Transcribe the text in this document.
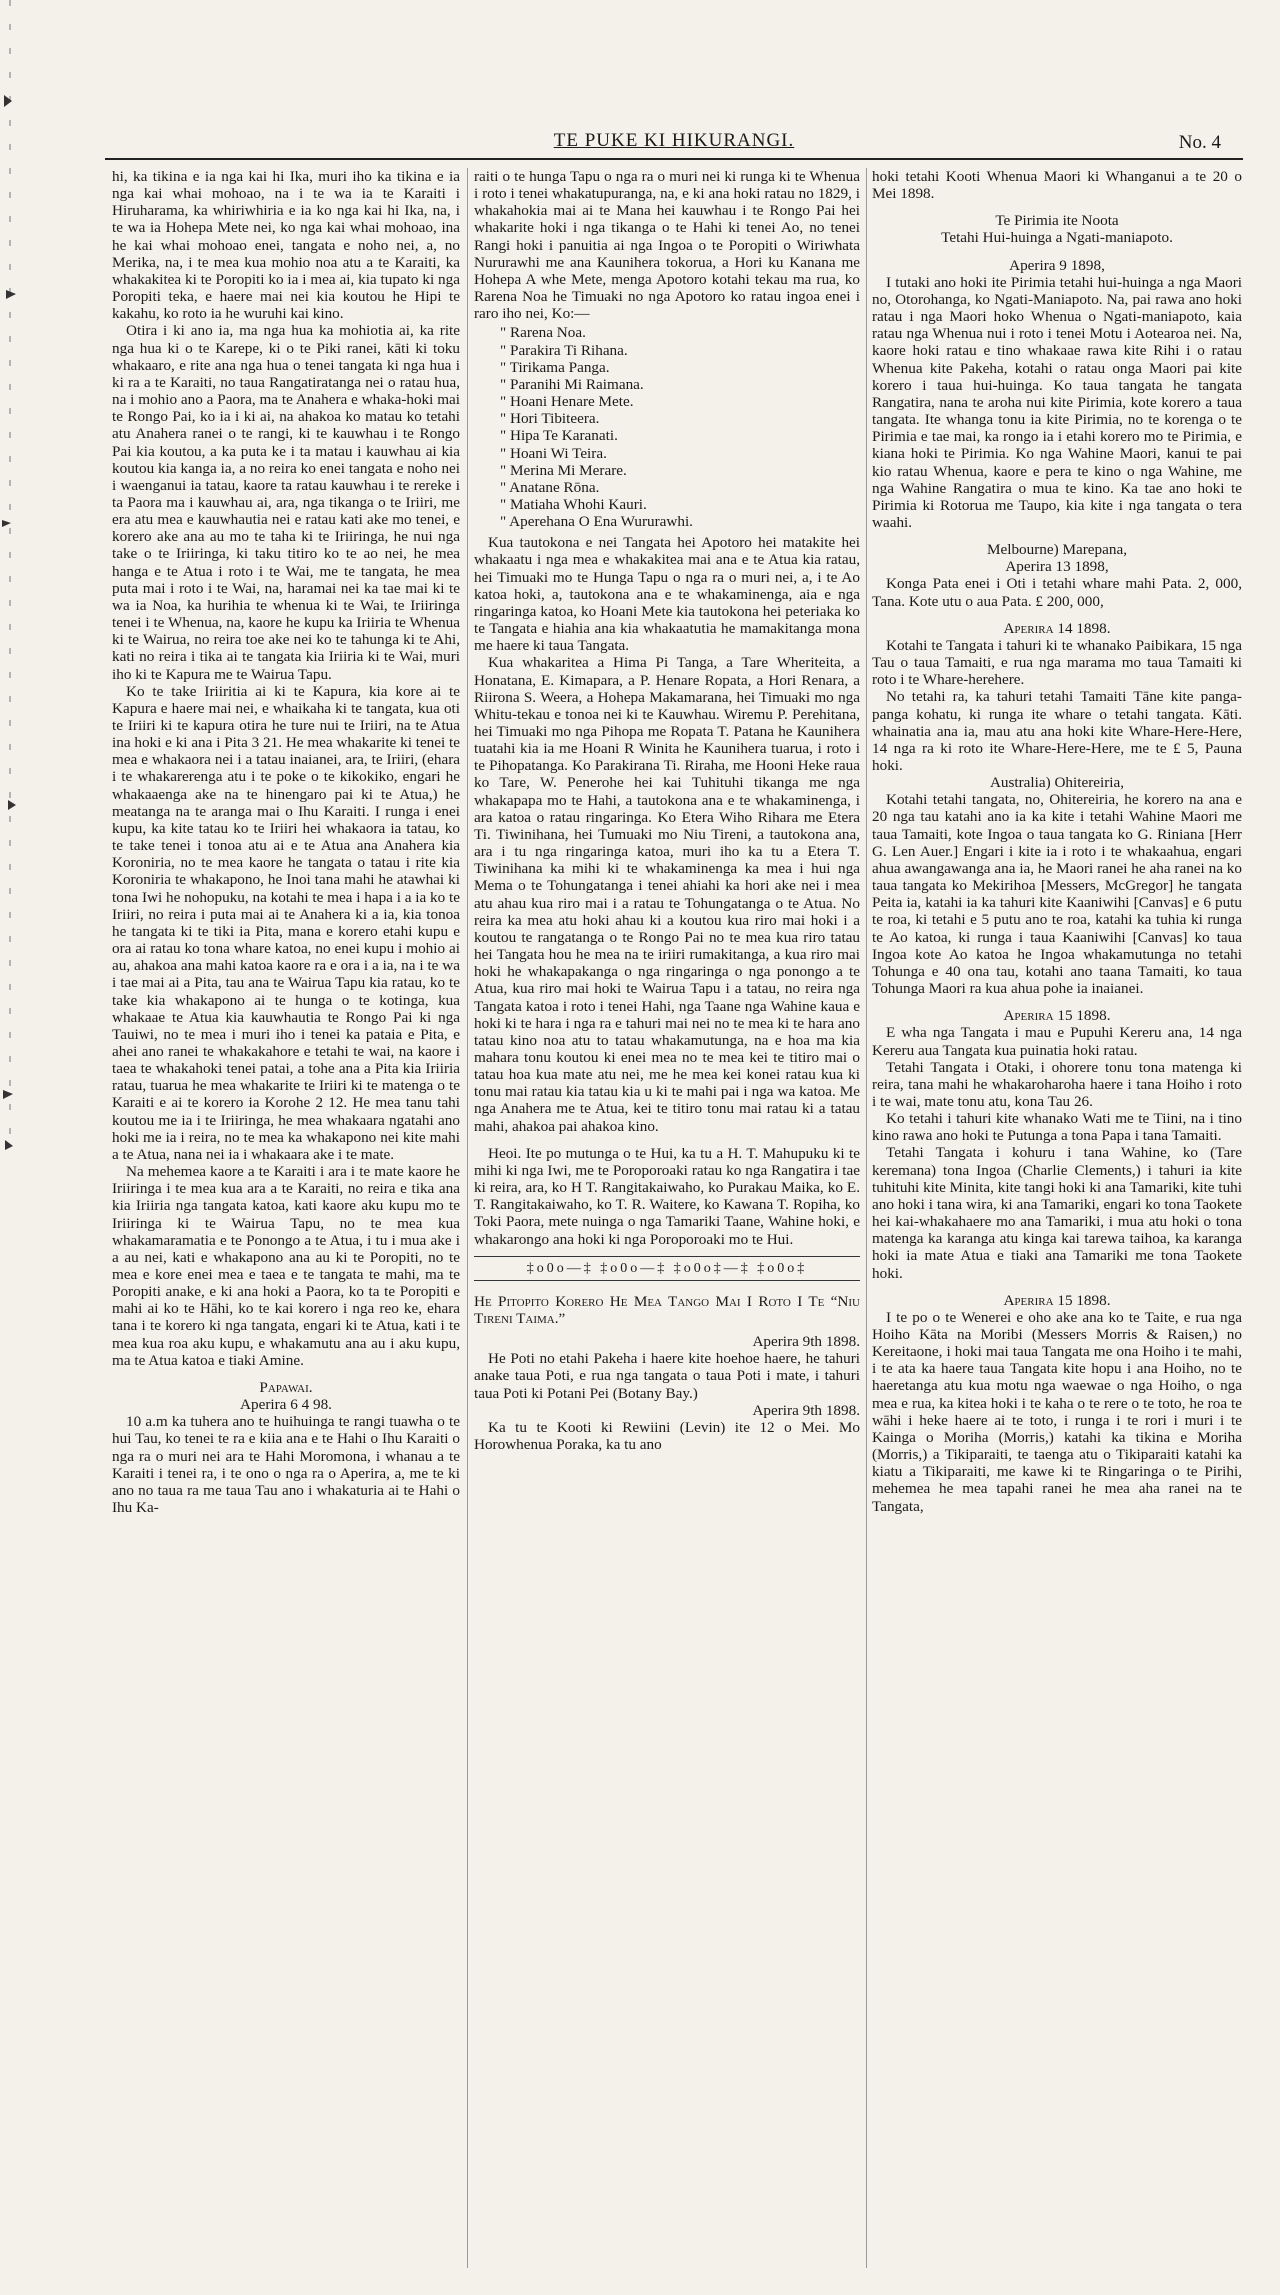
TE PUKE KI HIKURANGI.	No. 4

hi, ka tikina e ia nga kai hi Ika, muri iho ka tikina e ia nga kai whai mohoao, na i te wa ia te Karaiti i Hiruharama, ka whiriwhiria e ia ko nga kai hi Ika, na, i te wa ia Hohepa Mete nei, ko nga kai whai mohoao, ina he kai whai mohoao enei, tangata e noho nei, a, no Merika, na, i te mea kua mohio noa atu a te Karaiti, ka whakakitea ki te Poropiti ko ia i mea ai, kia tupato ki nga Poropiti teka, e haere mai nei kia koutou he Hipi te kakahu, ko roto ia he wuruhi kai kino.

Otira i ki ano ia, ma nga hua ka mohiotia ai, ka rite nga hua ki o te Karepe, ki o te Piki ranei, kāti ki toku whakaaro, e rite ana nga hua o tenei tangata ki nga hua i ki ra a te Karaiti, no taua Rangatiratanga nei o ratau hua, na i mohio ano a Paora, ma te Anahera e whaka-hoki mai te Rongo Pai, ko ia i ki ai, na ahakoa ko matau ko tetahi atu Anahera ranei o te rangi, ki te kauwhau i te Rongo Pai kia koutou, a ka puta ke i ta matau i kauwhau ai kia koutou kia kanga ia, a no reira ko enei tangata e noho nei i waenganui ia tatau, kaore ta ratau kauwhau i te rereke i ta Paora ma i kauwhau ai, ara, nga tikanga o te Iriiri, me era atu mea e kauwhautia nei e ratau kati ake mo tenei, e korero ake ana au mo te taha ki te Iriiringa, he nui nga take o te Iriiringa, ki taku titiro ko te ao nei, he mea hanga e te Atua i roto i te Wai, me te tangata, he mea puta mai i roto i te Wai, na, haramai nei ka tae mai ki te wa ia Noa, ka hurihia te whenua ki te Wai, te Iriiringa tenei i te Whenua, na, kaore he kupu ka Iriiria te Whenua ki te Wairua, no reira toe ake nei ko te tahunga ki te Ahi, kati no reira i tika ai te tangata kia Iriiria ki te Wai, muri iho ki te Kapura me te Wairua Tapu.

Ko te take Iriiritia ai ki te Kapura, kia kore ai te Kapura e haere mai nei, e whaikaha ki te tangata, kua oti te Iriiri ki te kapura otira he ture nui te Iriiri, na te Atua ina hoki e ki ana i Pita 3 21. He mea whakarite ki tenei te mea e whakaora nei i a tatau inaianei, ara, te Iriiri, (ehara i te whakarerenga atu i te poke o te kikokiko, engari he whakaaenga ake na te hinengaro pai ki te Atua,) he meatanga na te aranga mai o Ihu Karaiti. I runga i enei kupu, ka kite tatau ko te Iriiri hei whakaora ia tatau, ko te take tenei i tonoa atu ai e te Atua ana Anahera kia Koroniria, no te mea kaore he tangata o tatau i rite kia Koroniria te whakapono, he Inoi tana mahi he atawhai ki tona Iwi he nohopuku, na kotahi te mea i hapa i a ia ko te Iriiri, no reira i puta mai ai te Anahera ki a ia, kia tonoa he tangata ki te tiki ia Pita, mana e korero etahi kupu e ora ai ratau ko tona whare katoa, no enei kupu i mohio ai au, ahakoa ana mahi katoa kaore ra e ora i a ia, na i te wa i tae mai ai a Pita, tau ana te Wairua Tapu kia ratau, ko te take kia whakapono ai te hunga o te kotinga, kua whakaae te Atua kia kauwhautia te Rongo Pai ki nga Tauiwi, no te mea i muri iho i tenei ka pataia e Pita, e ahei ano ranei te whakakahore e tetahi te wai, na kaore i taea te whakahoki tenei patai, a tohe ana a Pita kia Iriiria ratau, tuarua he mea whakarite te Iriiri ki te matenga o te Karaiti e ai te korero ia Korohe 2 12. He mea tanu tahi koutou me ia i te Iriiringa, he mea whakaara ngatahi ano hoki me ia i reira, no te mea ka whakapono nei kite mahi a te Atua, nana nei ia i whakaara ake i te mate.

Na mehemea kaore a te Karaiti i ara i te mate kaore he Iriiringa i te mea kua ara a te Karaiti, no reira e tika ana kia Iriiria nga tangata katoa, kati kaore aku kupu mo te Iriiringa ki te Wairua Tapu, no te mea kua whakamaramatia e te Ponongo a te Atua, i tu i mua ake i a au nei, kati e whakapono ana au ki te Poropiti, no te mea e kore enei mea e taea e te tangata te mahi, ma te Poropiti anake, e ki ana hoki a Paora, ko ta te Poropiti e mahi ai ko te Hāhi, ko te kai korero i nga reo ke, ehara tana i te korero ki nga tangata, engari ki te Atua, kati i te mea kua roa aku kupu, e whakamutu ana au i aku kupu, ma te Atua katoa e tiaki Amine.

Papawai.

Aperira 6 4 98.

10 a.m ka tuhera ano te huihuinga te rangi tuawha o te hui Tau, ko tenei te ra e kiia ana e te Hahi o Ihu Karaiti o nga ra o muri nei ara te Hahi Moromona, i whanau a te Karaiti i tenei ra, i te ono o nga ra o Aperira, a, me te ki ano no taua ra me taua Tau ano i whakaturia ai te Hahi o Ihu Ka-

raiti o te hunga Tapu o nga ra o muri nei ki runga ki te Whenua i roto i tenei whakatupuranga, na, e ki ana hoki ratau no 1829, i whakahokia mai ai te Mana hei kauwhau i te Rongo Pai hei whakarite hoki i nga tikanga o te Hahi ki tenei Ao, no tenei Rangi hoki i panuitia ai nga Ingoa o te Poropiti o Wiriwhata Nururawhi me ana Kaunihera tokorua, a Hori ku Kanana me Hohepa A whe Mete, menga Apotoro kotahi tekau ma rua, ko Rarena Noa he Timuaki no nga Apotoro ko ratau ingoa enei i raro iho nei, Ko:—

" Rarena Noa.
" Parakira Ti Rihana.
" Tirikama Panga.
" Paranihi Mi Raimana.
" Hoani Henare Mete.
" Hori Tibiteera.
" Hipa Te Karanati.
" Hoani Wi Teira.
" Merina Mi Merare.
" Anatane Rōna.
" Matiaha Whohi Kauri.
" Aperehana O Ena Wururawhi.

Kua tautokona e nei Tangata hei Apotoro hei matakite hei whakaatu i nga mea e whakakitea mai ana e te Atua kia ratau, hei Timuaki mo te Hunga Tapu o nga ra o muri nei, a, i te Ao katoa hoki, a, tautokona ana e te whakaminenga, aia e nga ringaringa katoa, ko Hoani Mete kia tautokona hei peteriaka ko te Tangata e hiahia ana kia whakaatutia he mamakitanga mona me haere ki taua Tangata.

Kua whakaritea a Hima Pi Tanga, a Tare Wheriteita, a Honatana, E. Kimapara, a P. Henare Ropata, a Hori Renara, a Riirona S. Weera, a Hohepa Makamarana, hei Timuaki mo nga Whitu-tekau e tonoa nei ki te Kauwhau. Wiremu P. Perehitana, hei Timuaki mo nga Pihopa me Ropata T. Patana he Kaunihera tuatahi kia ia me Hoani R Winita he Kaunihera tuarua, i roto i te Pihopatanga. Ko Parakirana Ti. Riraha, me Hooni Heke raua ko Tare, W. Penerohe hei kai Tuhituhi tikanga me nga whakapapa mo te Hahi, a tautokona ana e te whakaminenga, i ara katoa o ratau ringaringa. Ko Etera Wiho Rihara me Etera Ti. Tiwinihana, hei Tumuaki mo Niu Tireni, a tautokona ana, ara i tu nga ringaringa katoa, muri iho ka tu a Etera T. Tiwinihana ka mihi ki te whakaminenga ka mea i hui nga Mema o te Tohungatanga i tenei ahiahi ka hori ake nei i mea atu ahau kua riro mai i a ratau te Tohungatanga o te Atua. No reira ka mea atu hoki ahau ki a koutou kua riro mai hoki i a koutou te rangatanga o te Rongo Pai no te mea kua riro tatau hei Tangata hou he mea na te iriiri rumakitanga, a kua riro mai hoki he whakapakanga o nga ringaringa o nga ponongo a te Atua, kua riro mai hoki te Wairua Tapu i a tatau, no reira nga Tangata katoa i roto i tenei Hahi, nga Taane nga Wahine kaua e hoki ki te hara i nga ra e tahuri mai nei no te mea ki te hara ano tatau kino noa atu to tatau whakamutunga, na e hoa ma kia mahara tonu koutou ki enei mea no te mea kei te titiro mai o tatau hoa kua mate atu nei, me he mea kei konei ratau kua ki tonu mai ratau kia tatau kia u ki te mahi pai i nga wa katoa. Me nga Anahera me te Atua, kei te titiro tonu mai ratau ki a tatau mahi, ahakoa pai ahakoa kino.

Heoi. Ite po mutunga o te Hui, ka tu a H. T. Mahupuku ki te mihi ki nga Iwi, me te Poroporoaki ratau ko nga Rangatira i tae ki reira, ara, ko H T. Rangitakaiwaho, ko Purakau Maika, ko E. T. Rangitakaiwaho, ko T. R. Waitere, ko Kawana T. Ropiha, ko Toki Paora, mete nuinga o nga Tamariki Taane, Wahine hoki, e whakarongo ana hoki ki nga Poroporoaki mo te Hui.

‡o0o—‡ ‡o0o—‡ ‡o0o‡—‡ ‡o0o‡

He Pitopito Korero He Mea Tango Mai I Roto I Te “Niu Tireni Taima.”

Aperira 9th 1898.

He Poti no etahi Pakeha i haere kite hoehoe haere, he tahuri anake taua Poti, e rua nga tangata o taua Poti i mate, i tahuri taua Poti ki Potani Pei (Botany Bay.)

Aperira 9th 1898.

Ka tu te Kooti ki Rewiini (Levin) ite 12 o Mei. Mo Horowhenua Poraka, ka tu ano

hoki tetahi Kooti Whenua Maori ki Whanganui a te 20 o Mei 1898.

Te Pirimia ite Noota

Tetahi Hui-huinga a Ngati-maniapoto.

Aperira 9 1898,

I tutaki ano hoki ite Pirimia tetahi hui-huinga a nga Maori no, Otorohanga, ko Ngati-Maniapoto. Na, pai rawa ano hoki ratau i nga Maori hoko Whenua o Ngati-maniapoto, kaia ratau nga Whenua nui i roto i tenei Motu i Aotearoa nei. Na, kaore hoki ratau e tino whakaae rawa kite Rihi i o ratau Whenua kite Pakeha, kotahi o ratau onga Maori pai kite korero i taua hui-huinga. Ko taua tangata he tangata Rangatira, nana te aroha nui kite Pirimia, kote korero a taua tangata. Ite whanga tonu ia kite Pirimia, no te korenga o te Pirimia e tae mai, ka rongo ia i etahi korero mo te Pirimia, e kiana hoki te Pirimia. Ko nga Wahine Maori, kanui te pai kio ratau Whenua, kaore e pera te kino o nga Wahine, me nga Wahine Rangatira o mua te kino. Ka tae ano hoki te Pirimia ki Rotorua me Taupo, kia kite i nga tangata o tera waahi.

Melbourne) Marepana,

Aperira 13 1898,

Konga Pata enei i Oti i tetahi whare mahi Pata. 2, 000, Tana. Kote utu o aua Pata. £ 200, 000,

Aperira 14 1898.

Kotahi te Tangata i tahuri ki te whanako Paibikara, 15 nga Tau o taua Tamaiti, e rua nga marama mo taua Tamaiti ki roto i te Whare-herehere.

No tetahi ra, ka tahuri tetahi Tamaiti Tāne kite panga-panga kohatu, ki runga ite whare o tetahi tangata. Kāti. whainatia ana ia, mau atu ana hoki kite Whare-Here-Here, 14 nga ra ki roto ite Whare-Here-Here, me te £ 5, Pauna hoki.

Australia) Ohitereiria,

Kotahi tetahi tangata, no, Ohitereiria, he korero na ana e 20 nga tau katahi ano ia ka kite i tetahi Wahine Maori me taua Tamaiti, kote Ingoa o taua tangata ko G. Riniana [Herr G. Len Auer.] Engari i kite ia i roto i te whakaahua, engari ahua awangawanga ana ia, he Maori ranei he aha ranei na ko taua tangata ko Mekirihoa [Messers, McGregor] he tangata Peita ia, katahi ia ka tahuri kite Kaaniwihi [Canvas] e 6 putu te roa, ki tetahi e 5 putu ano te roa, katahi ka tuhia ki runga te Ao katoa, ki runga i taua Kaaniwihi [Canvas] ko taua Ingoa kote Ao katoa he Ingoa whakamutunga no tetahi Tohunga e 40 ona tau, kotahi ano taana Tamaiti, ko taua Tohunga Maori ra kua ahua pohe ia inaianei.

Aperira 15 1898.

E wha nga Tangata i mau e Pupuhi Kereru ana, 14 nga Kereru aua Tangata kua puinatia hoki ratau.

Tetahi Tangata i Otaki, i ohorere tonu tona matenga ki reira, tana mahi he whakaroharoha haere i tana Hoiho i roto i te wai, mate tonu atu, kona Tau 26.

Ko tetahi i tahuri kite whanako Wati me te Tiini, na i tino kino rawa ano hoki te Putunga a tona Papa i tana Tamaiti.

Tetahi Tangata i kohuru i tana Wahine, ko (Tare keremana) tona Ingoa (Charlie Clements,) i tahuri ia kite tuhituhi kite Minita, kite tangi hoki ki ana Tamariki, kite tuhi ano hoki i tana wira, ki ana Tamariki, engari ko tona Taokete hei kai-whakahaere mo ana Tamariki, i mua atu hoki o tona matenga ka karanga atu kinga kai tarewa taihoa, ka karanga hoki ia mate Atua e tiaki ana Tamariki me tona Taokete hoki.

Aperira 15 1898.

I te po o te Wenerei e oho ake ana ko te Taite, e rua nga Hoiho Kāta na Moribi (Messers Morris & Raisen,) no Kereitaone, i hoki mai taua Tangata me ona Hoiho i te mahi, i te ata ka haere taua Tangata kite hopu i ana Hoiho, no te haeretanga atu kua motu nga waewae o nga Hoiho, o nga mea e rua, ka kitea hoki i te kaha o te rere o te toto, he roa te wāhi i heke haere ai te toto, i runga i te rori i muri i te Kainga o Moriha (Morris,) katahi ka tikina e Moriha (Morris,) a Tikiparaiti, te taenga atu o Tikiparaiti katahi ka kiatu a Tikiparaiti, me kawe ki te Ringaringa o te Pirihi, mehemea he mea tapahi ranei he mea aha ranei na te Tangata,
